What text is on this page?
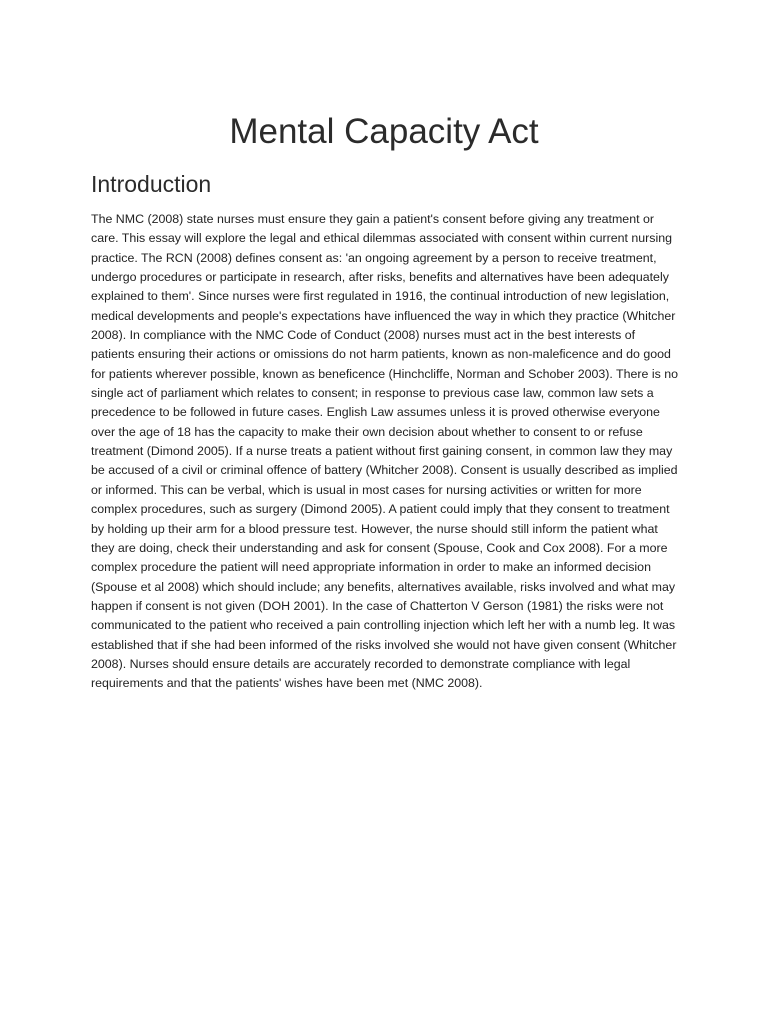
Mental Capacity Act
Introduction

The NMC (2008) state nurses must ensure they gain a patient's consent before giving any treatment or care. This essay will explore the legal and ethical dilemmas associated with consent within current nursing practice. The RCN (2008) defines consent as: 'an ongoing agreement by a person to receive treatment, undergo procedures or participate in research, after risks, benefits and alternatives have been adequately explained to them'. Since nurses were first regulated in 1916, the continual introduction of new legislation, medical developments and people's expectations have influenced the way in which they practice (Whitcher 2008). In compliance with the NMC Code of Conduct (2008) nurses must act in the best interests of patients ensuring their actions or omissions do not harm patients, known as non-maleficence and do good for patients wherever possible, known as beneficence (Hinchcliffe, Norman and Schober 2003). There is no single act of parliament which relates to consent; in response to previous case law, common law sets a precedence to be followed in future cases. English Law assumes unless it is proved otherwise everyone over the age of 18 has the capacity to make their own decision about whether to consent to or refuse treatment (Dimond 2005). If a nurse treats a patient without first gaining consent, in common law they may be accused of a civil or criminal offence of battery (Whitcher 2008). Consent is usually described as implied or informed. This can be verbal, which is usual in most cases for nursing activities or written for more complex procedures, such as surgery (Dimond 2005). A patient could imply that they consent to treatment by holding up their arm for a blood pressure test. However, the nurse should still inform the patient what they are doing, check their understanding and ask for consent (Spouse, Cook and Cox 2008). For a more complex procedure the patient will need appropriate information in order to make an informed decision (Spouse et al 2008) which should include; any benefits, alternatives available, risks involved and what may happen if consent is not given (DOH 2001). In the case of Chatterton V Gerson (1981) the risks were not communicated to the patient who received a pain controlling injection which left her with a numb leg. It was established that if she had been informed of the risks involved she would not have given consent (Whitcher 2008). Nurses should ensure details are accurately recorded to demonstrate compliance with legal requirements and that the patients' wishes have been met (NMC 2008).
